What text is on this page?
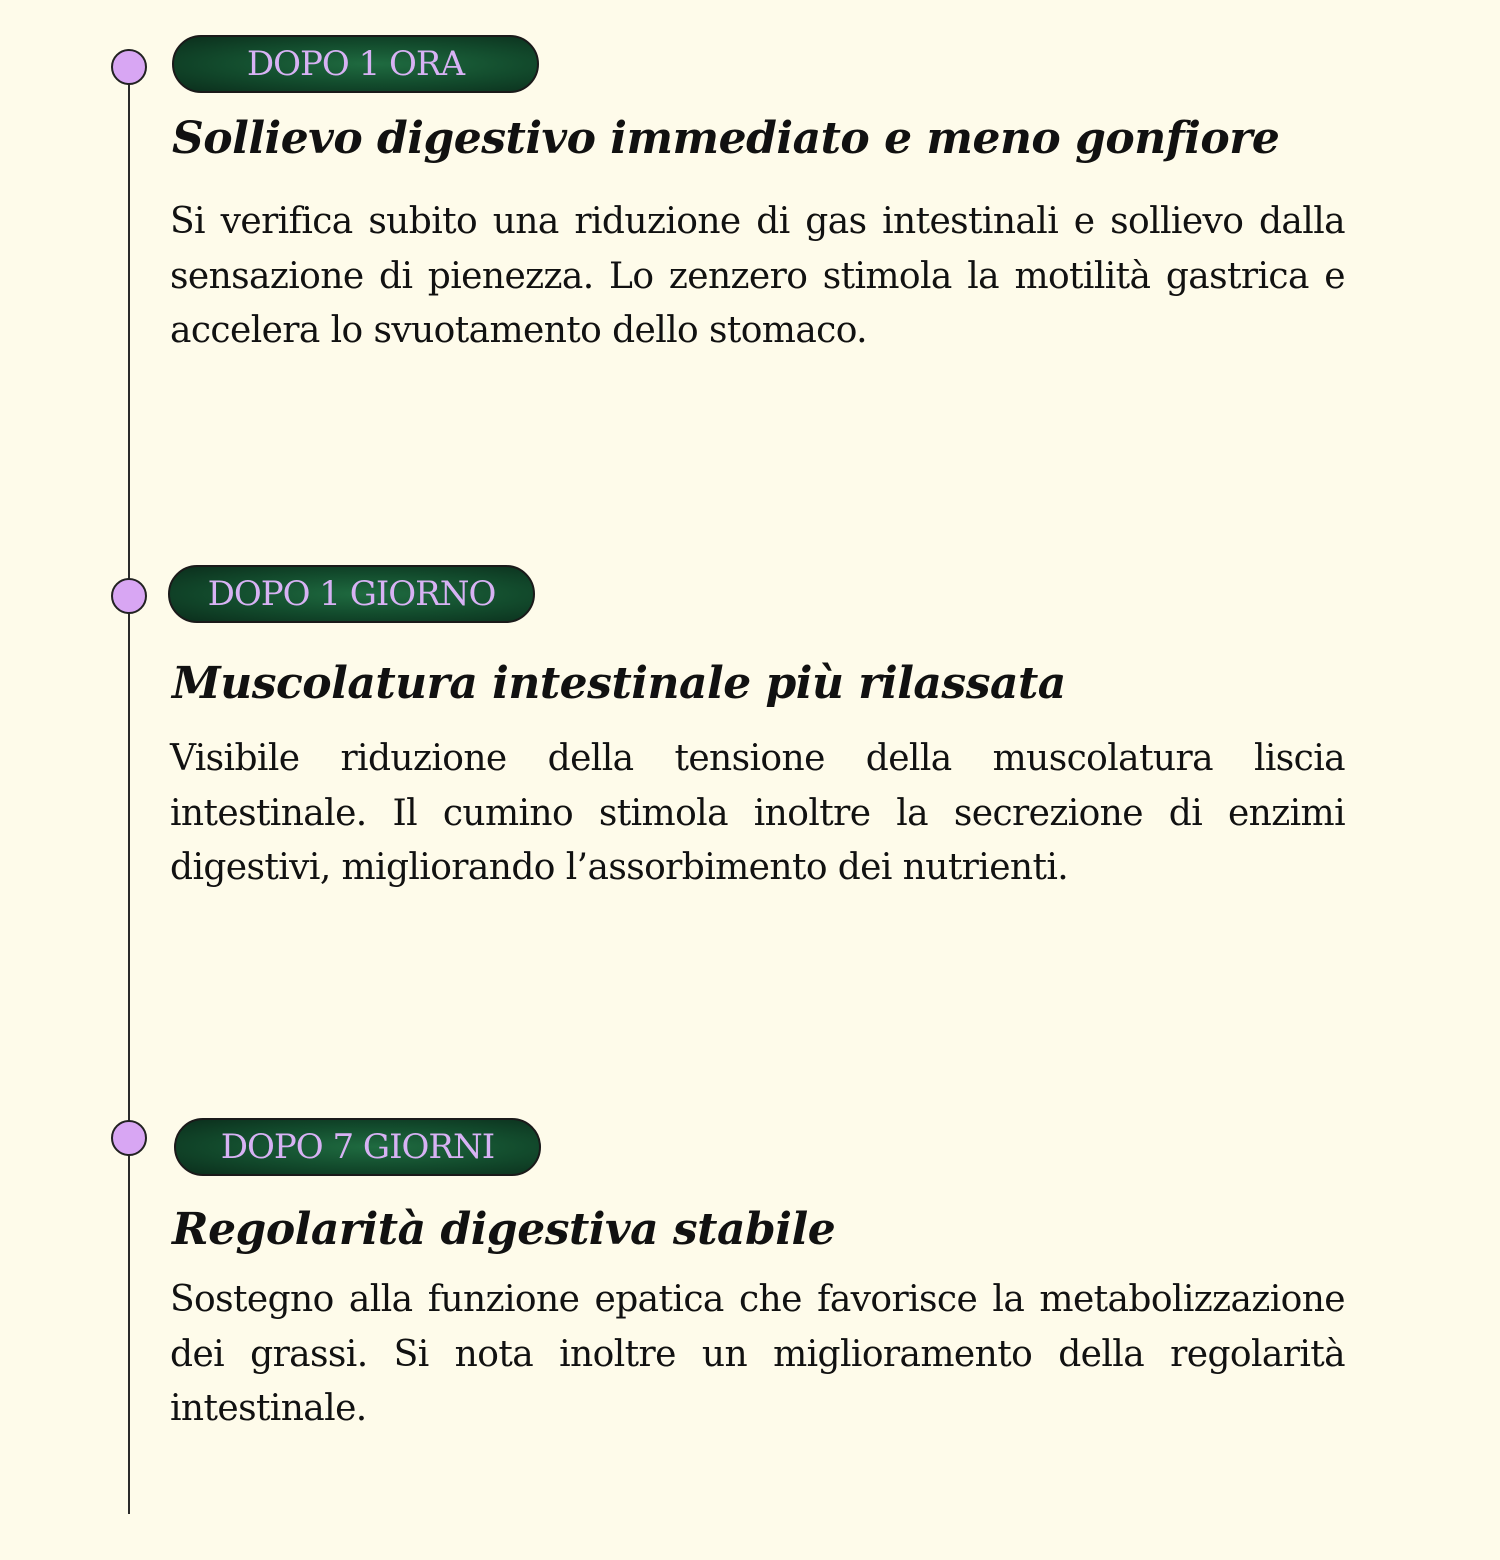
DOPO 1 ORA
Sollievo digestivo immediato e meno gonfiore

Si verifica subito una riduzione di gas intestinali e sollievo dalla sensazione di pienezza. Lo zenzero stimola la motilità gastrica e accelera lo svuotamento dello stomaco.

DOPO 1 GIORNO
Muscolatura intestinale più rilassata

Visibile riduzione della tensione della muscolatura liscia intestinale. Il cumino stimola inoltre la secrezione di enzimi digestivi, migliorando l’assorbimento dei nutrienti.

DOPO 7 GIORNI
Regolarità digestiva stabile

Sostegno alla funzione epatica che favorisce la metabolizzazione dei grassi. Si nota inoltre un miglioramento della regolarità intestinale.
